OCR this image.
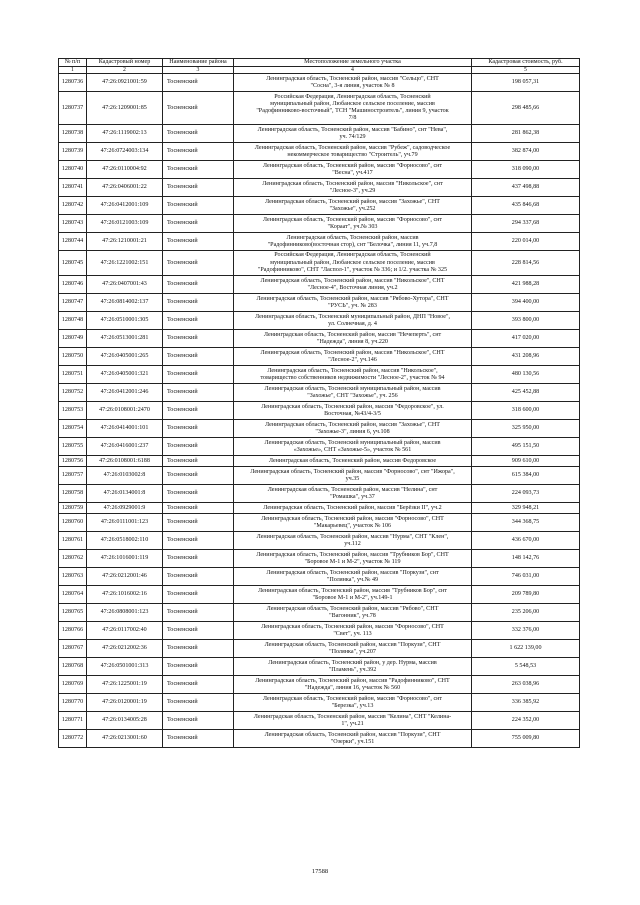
№ п/п	Кадастровый номер	Наименование района	Местоположение земельного участка	Кадастровая стоимость, руб.
1	2	3	4	5
1280736	47:26:0921001:59	Тосненский	Ленинградская область, Тосненский район, массив "Сельцо", СНТ
"Сосна", 3-я линия, участок № 8	198 057,31
1280737	47:26:1209001:85	Тосненский	Российская Федерация, Ленинградская область, Тосненский
муниципальный район, Любанское сельское поселение, массив
"Радофинниково-восточный", ТСН "Машиностроитель", линия 9, участок
7/8	298 485,66
1280738	47:26:1119002:13	Тосненский	Ленинградская область, Тосненский район, массив "Бабино", снт "Нева",
уч. 74/129	281 862,38
1280739	47:26:0724003:134	Тосненский	Ленинградская область, Тосненский район, массив "Рубеж", садоводческое
некоммерческое товарищество "Строитель", уч.79	382 874,00
1280740	47:26:0110004:92	Тосненский	Ленинградская область, Тосненский район, массив "Форносово", снт
"Весна", уч.417	318 090,00
1280741	47:26:0406001:22	Тосненский	Ленинградская область, Тосненский район, массив "Никольское", снт
"Лесное-3", уч.29	437 498,88
1280742	47:26:0412001:109	Тосненский	Ленинградская область, Тосненский район, массив "Захожье", СНТ
"Захожье", уч.252	435 846,68
1280743	47:26:0121003:109	Тосненский	Ленинградская область, Тосненский район, массив "Форносово", снт
"Кораат", уч.№ 303	294 337,68
1280744	47:26:1210001:21	Тосненский	Ленинградская область, Тосненский район, массив
"Радофинниково(восточная стор), снт "Белочка", линия 11, уч.7,8	220 014,00
1280745	47:26:1221002:151	Тосненский	Российская Федерация, Ленинградская область, Тосненский
муниципальный район, Любанское сельское поселение, массив
"Радофинниково", СНТ "Ласпол-1", участок № 336; и 1/2. участка № 325	228 814,56
1280746	47:26:0407001:43	Тосненский	Ленинградская область, Тосненский район, массив "Никольское", СНТ
"Лесное-4", Восточная линия, уч.2	421 988,28
1280747	47:26:0814002:137	Тосненский	Ленинградская область, Тосненский район, массив "Рябово-Хутора", СНТ
"РУСЬ", уч. № 283	394 400,00
1280748	47:26:0510001:305	Тосненский	Ленинградская область, Тосненский муниципальный район, ДНП "Новое",
ул. Солнечная, д. 4	393 800,00
1280749	47:26:0513001:281	Тосненский	Ленинградская область, Тосненский район, массив "Нечеперть", снт
"Надежда", линия 8, уч.220	417 020,00
1280750	47:26:0405001:265	Тосненский	Ленинградская область, Тосненский район, массив "Никольское", СНТ
"Лесное-2", уч.146	431 208,96
1280751	47:26:0405001:321	Тосненский	Ленинградская область, Тосненский район, массив "Никольское",
товарищество собственников недвижимости "Лесное-2", участок № 94	480 130,56
1280752	47:26:0412001:246	Тосненский	Ленинградская область, Тосненский муниципальный район, массив
"Захожье", СНТ "Захожье", уч. 256	425 452,88
1280753	47:26:0108001:2470	Тосненский	Ленинградская область, Тосненский район, массив "Федоровское", ул.
Восточная, №43/4-3/5	318 600,00
1280754	47:26:0414001:101	Тосненский	Ленинградская область, Тосненский район, массив "Захожье", СНТ
"Захожье-3", линия 6, уч.108	325 950,00
1280755	47:26:0416001:237	Тосненский	Ленинградская область, Тосненский муниципальный район, массив
«Захожье», СНТ «Захожье-5», участок № 561	495 151,50
1280756	47:26:0108001:6188	Тосненский	Ленинградская область, Тосненский район, массив Федоровское	909 610,00
1280757	47:26:0103002:8	Тосненский	Ленинградская область, Тосненский район, массив "Форносово", снт "Ижора",
уч.35	615 384,00
1280758	47:26:0134001:8	Тосненский	Ленинградская область, Тосненский район, массив "Нелина", снт
"Ромашка", уч.37	224 093,73
1280759	47:26:0929001:9	Тосненский	Ленинградская область, Тосненский район, массив "Берёзки II", уч.2	329 948,21
1280760	47:26:0111001:123	Тосненский	Ленинградская область, Тосненский район, массив "Форносово", СНТ
"Макарьевец", участок № 106	344 368,75
1280761	47:26:0518002:110	Тосненский	Ленинградская область, Тосненский район, массив "Нурма", СНТ "Клен",
уч.112	436 670,00
1280762	47:26:1016001:119	Тосненский	Ленинградская область, Тосненский район, массив "Трубников Бор", СНТ
"Боровое М-1 и М-2", участок № 119	148 142,76
1280763	47:26:0212001:46	Тосненский	Ленинградская область, Тосненский район, массив "Поркузи", снт
"Полянка", уч.№ 49	746 031,00
1280764	47:26:1016002:16	Тосненский	Ленинградская область, Тосненский район, массив "Трубников Бор", снт
"Боровое М-1 и М-2", уч.149-1	209 789,80
1280765	47:26:0808001:123	Тосненский	Ленинградская область, Тосненский район, массив "Рябово", СНТ
"Вагонник", уч.78	235 206,00
1280766	47:26:0117002:40	Тосненский	Ленинградская область, Тосненский район, массив "Форносово", СНТ
"Свет", уч. 113	332 376,00
1280767	47:26:0212002:36	Тосненский	Ленинградская область, Тосненский район, массив "Поркузи", СНТ
"Полянка", уч.207	1 622 139,00
1280768	47:26:0501001:313	Тосненский	Ленинградская область, Тосненский район, у дер. Нурма, массив
"Пламень", уч.392	5 548,53
1280769	47:26:1225001:19	Тосненский	Ленинградская область, Тосненский район, массив "Радофинниково", СНТ
"Надежда", линия 16, участок № 560	263 038,96
1280770	47:26:0120001:19	Тосненский	Ленинградская область, Тосненский район, массив "Форносово", снт
"Березка", уч.13	336 385,92
1280771	47:26:0134005:28	Тосненский	Ленинградская область, Тосненский район, массив "Келина", СНТ "Келина-
1", уч.21	224 352,00
1280772	47:26:0213001:60	Тосненский	Ленинградская область, Тосненский район, массив "Поркузи", СНТ
"Озерки", уч.151	755 009,80
17588
